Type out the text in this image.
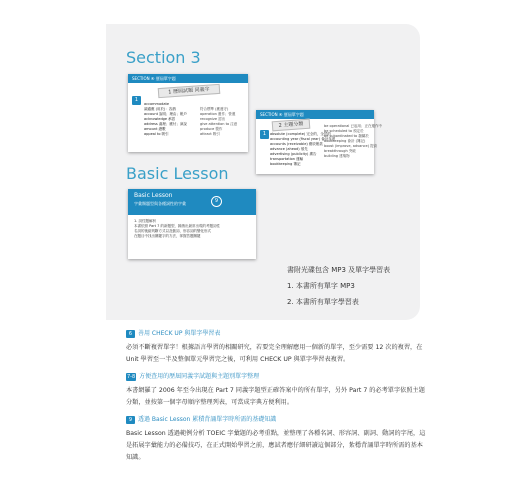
Section 3
SECTION ④ 歷屆單字題
1 歷屆試題 同義字
1
accommodate
調適應 (用於)：容納
account 說明；理由；帳戶
acknowledge 承認
address 處理；應付；演說
amount 總數
appeal to 吸引
符合標準 (應遵守)
operation 運作；營運
recognize 認出
give attention to 注意
produce 製作
attract 吸引
SECTION ④ 歷屆單字題
2 主題分類
1	absolute (complete) 完全的，全然的
accounting year (fiscal year) 會計年度
accounts (receivable) 應收帳款
advance (ahead) 預先
advertising (publicity) 廣告
transportation 運輸
bookkeeping 簿記
be operational 已起用；正在運作中
be scheduled to 預定於
be subordinated to 隸屬於
bookkeeping 會計 (簿記)
boost (improve, advance) 提高
breakthrough 突破
building 建築物
Basic Lesson
Basic Lesson
字彙類題型與各種詞性的字彙	9
1. 詞性題解析
本書依照 Part 7 的新題型，歸納出最常出現的考題詞性
名詞的後綴判斷方式以及動詞、形容詞的變化形式
在題目中找出關鍵字的方法，掌握答題關鍵
書附光碟包含 MP3 及單字學習表
1. 本書所有單字 MP3
2. 本書所有單字學習表
6 善用 CHECK UP 與單字學習表
必須不斷複習單字！根據語言學習的相關研究，若要完全理解應用一個新的單字，至少需要 12 次的複習，在 Unit 學習至一半及整個單元學習完之後，可利用 CHECK UP 與單字學習表複習。
7-8 方便查用的歷屆同義字試題與主題別單字整理
本書網羅了 2006 年至今出現在 Part 7 同義字題型正確答案中的所有單字，另外 Part 7 的必考單字依照主題分類，並按第一個字母順序整理列表，可當成字典方便利用。
9 透過 Basic Lesson 累積背誦單字時所需的基礎知識
Basic Lesson 透過範例分析 TOEIC 字彙題的必考重點，並整理了各種名詞、形容詞、副詞、動詞的字尾，這是拓展字彙能力的必備技巧，在正式開始學習之前，應試者應仔細研讀這個部分，紮穩背誦單字時所需的基本知識。
